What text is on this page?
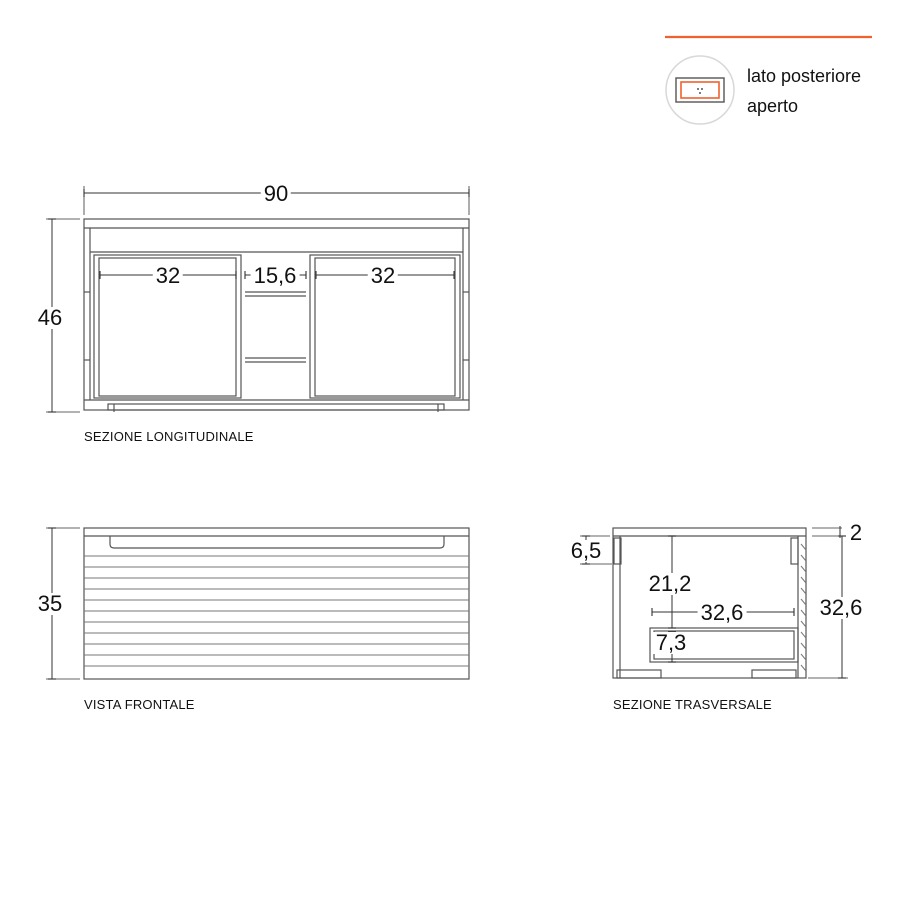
lato posteriore
aperto
90
46
32	15,6	32
SEZIONE LONGITUDINALE
35
VISTA FRONTALE
6,5
21,2
32,6
7,3
2
32,6
SEZIONE TRASVERSALE
